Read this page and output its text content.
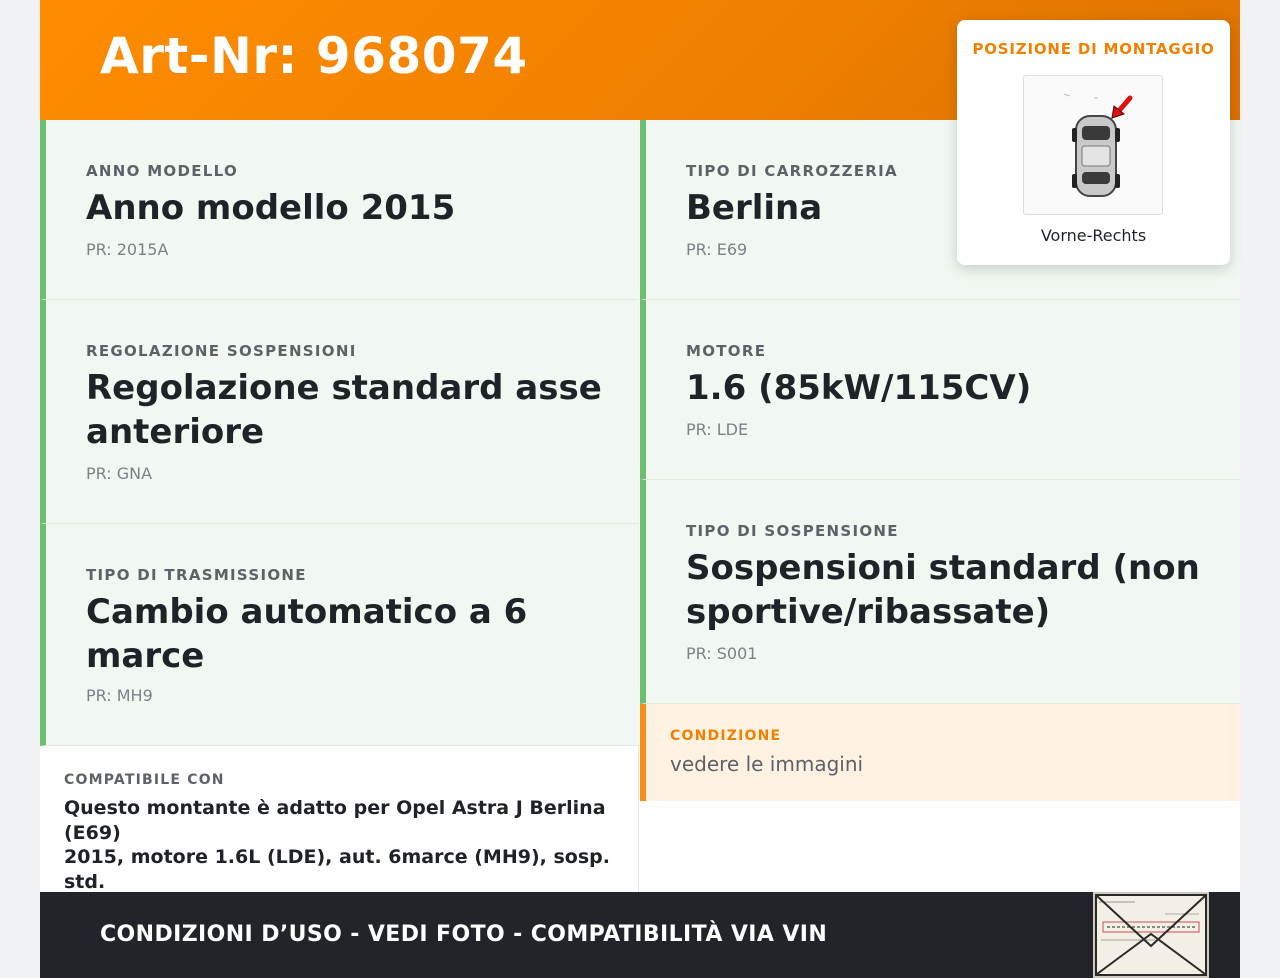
Art-Nr: 968074
ANNO MODELLO
Anno modello 2015
PR: 2015A
REGOLAZIONE SOSPENSIONI
Regolazione standard asse
anteriore
PR: GNA
TIPO DI TRASMISSIONE
Cambio automatico a 6
marce
PR: MH9
TIPO DI CARROZZERIA
Berlina
PR: E69
MOTORE
1.6 (85kW/115CV)
PR: LDE
TIPO DI SOSPENSIONE
Sospensioni standard (non
sportive/ribassate)
PR: S001
COMPATIBILE CON
Questo montante è adatto per Opel Astra J Berlina (E69)
2015, motore 1.6L (LDE), aut. 6marce (MH9), sosp. std.
CONDIZIONE
vedere le immagini
CONDIZIONI D’USO - VEDI FOTO - COMPATIBILITÀ VIA VIN
POSIZIONE DI MONTAGGIO
Vorne-Rechts
